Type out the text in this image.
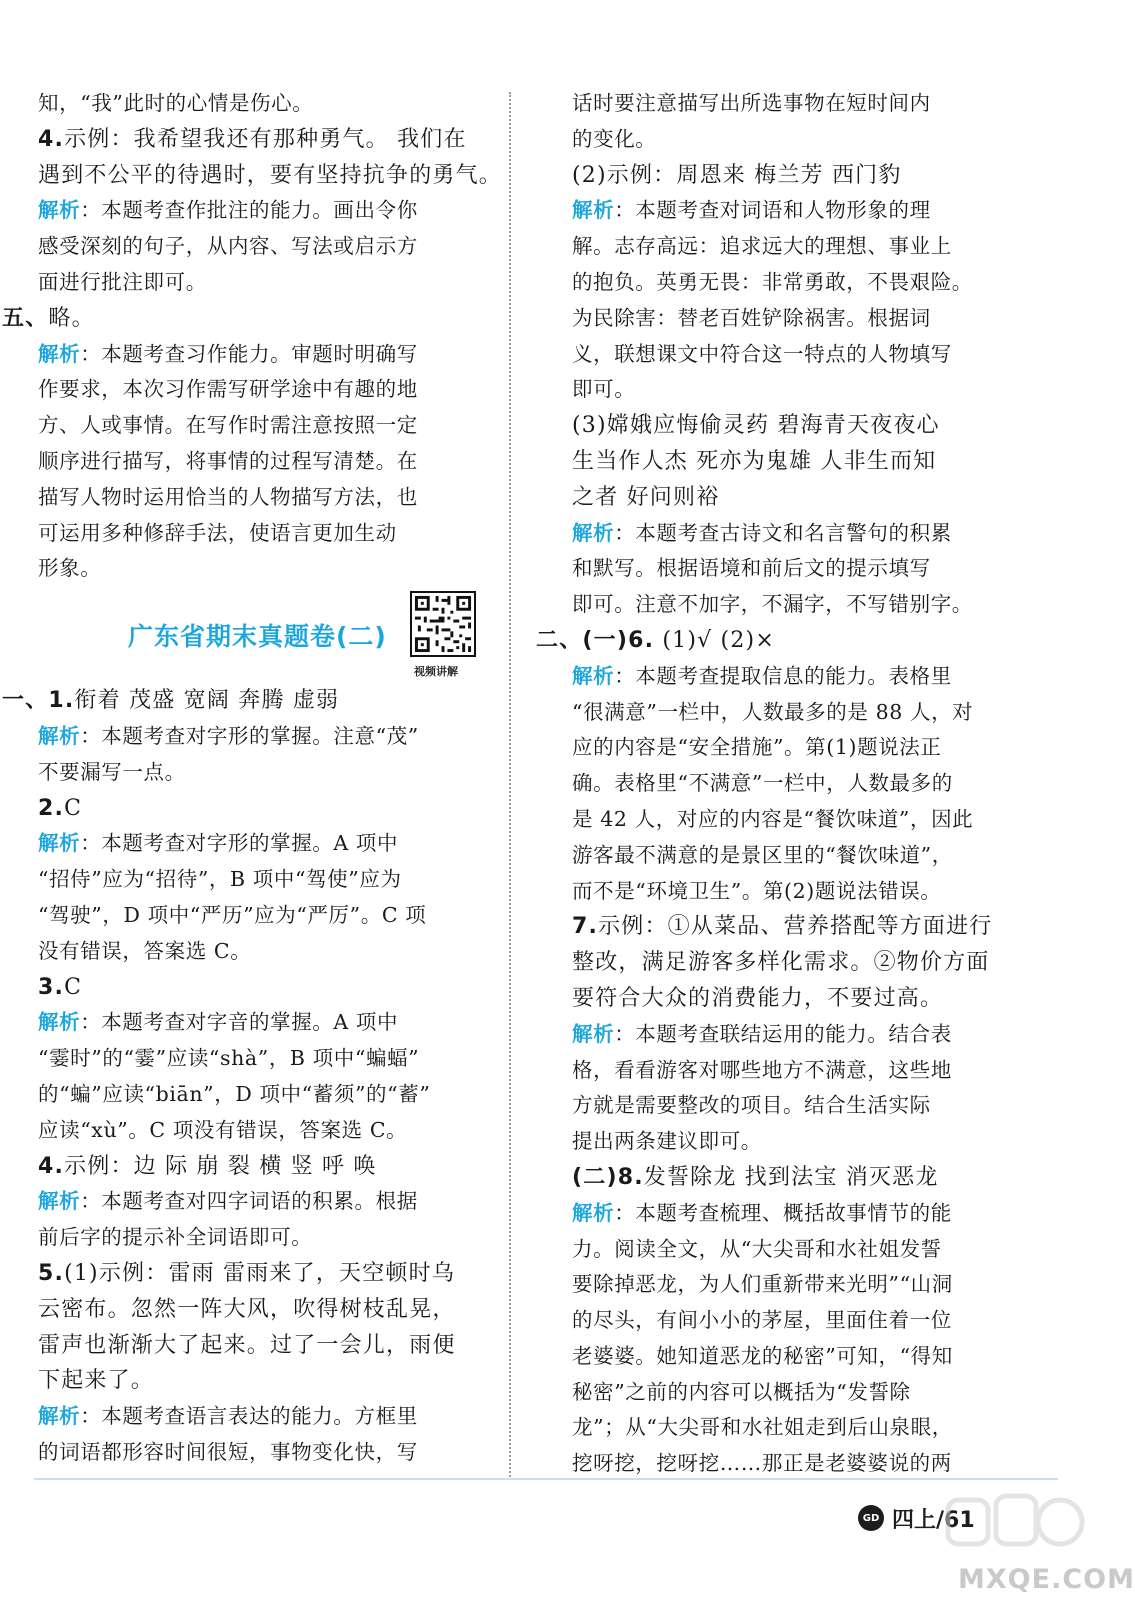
知，“我”此时的心情是伤心。
4.示例：我希望我还有那种勇气。 我们在
遇到不公平的待遇时，要有坚持抗争的勇气。
解析：本题考查作批注的能力。画出令你
感受深刻的句子，从内容、写法或启示方
面进行批注即可。
五、略。
解析：本题考查习作能力。审题时明确写
作要求，本次习作需写研学途中有趣的地
方、人或事情。在写作时需注意按照一定
顺序进行描写，将事情的过程写清楚。在
描写人物时运用恰当的人物描写方法，也
可运用多种修辞手法，使语言更加生动
形象。
广东省期末真题卷(二)
视频讲解
一、1.衔着 茂盛 宽阔 奔腾 虚弱
解析：本题考查对字形的掌握。注意“茂”
不要漏写一点。
2.C
解析：本题考查对字形的掌握。A 项中
“招侍”应为“招待”，B 项中“驾使”应为
“驾驶”，D 项中“严历”应为“严厉”。C 项
没有错误，答案选 C。
3.C
解析：本题考查对字音的掌握。A 项中
“霎时”的“霎”应读“shà”，B 项中“蝙蝠”
的“蝙”应读“biān”，D 项中“蓄须”的“蓄”
应读“xù”。C 项没有错误，答案选 C。
4.示例：边 际 崩 裂 横 竖 呼 唤
解析：本题考查对四字词语的积累。根据
前后字的提示补全词语即可。
5.(1)示例：雷雨 雷雨来了，天空顿时乌
云密布。忽然一阵大风，吹得树枝乱晃，
雷声也渐渐大了起来。过了一会儿，雨便
下起来了。
解析：本题考查语言表达的能力。方框里
的词语都形容时间很短，事物变化快，写
话时要注意描写出所选事物在短时间内
的变化。
(2)示例：周恩来 梅兰芳 西门豹
解析：本题考查对词语和人物形象的理
解。志存高远：追求远大的理想、事业上
的抱负。英勇无畏：非常勇敢，不畏艰险。
为民除害：替老百姓铲除祸害。根据词
义，联想课文中符合这一特点的人物填写
即可。
(3)嫦娥应悔偷灵药 碧海青天夜夜心
生当作人杰 死亦为鬼雄 人非生而知
之者 好问则裕
解析：本题考查古诗文和名言警句的积累
和默写。根据语境和前后文的提示填写
即可。注意不加字，不漏字，不写错别字。
二、(一)6. (1)√ (2)×
解析：本题考查提取信息的能力。表格里
“很满意”一栏中，人数最多的是 88 人，对
应的内容是“安全措施”。第(1)题说法正
确。表格里“不满意”一栏中，人数最多的
是 42 人，对应的内容是“餐饮味道”，因此
游客最不满意的是景区里的“餐饮味道”，
而不是“环境卫生”。第(2)题说法错误。
7.示例：①从菜品、营养搭配等方面进行
整改，满足游客多样化需求。②物价方面
要符合大众的消费能力，不要过高。
解析：本题考查联结运用的能力。结合表
格，看看游客对哪些地方不满意，这些地
方就是需要整改的项目。结合生活实际
提出两条建议即可。
(二)8.发誓除龙 找到法宝 消灭恶龙
解析：本题考查梳理、概括故事情节的能
力。阅读全文，从“大尖哥和水社姐发誓
要除掉恶龙，为人们重新带来光明”“山洞
的尽头，有间小小的茅屋，里面住着一位
老婆婆。她知道恶龙的秘密”可知，“得知
秘密”之前的内容可以概括为“发誓除
龙”；从“大尖哥和水社姐走到后山泉眼，
挖呀挖，挖呀挖……那正是老婆婆说的两
GD 四上/61
MXQE.COM
